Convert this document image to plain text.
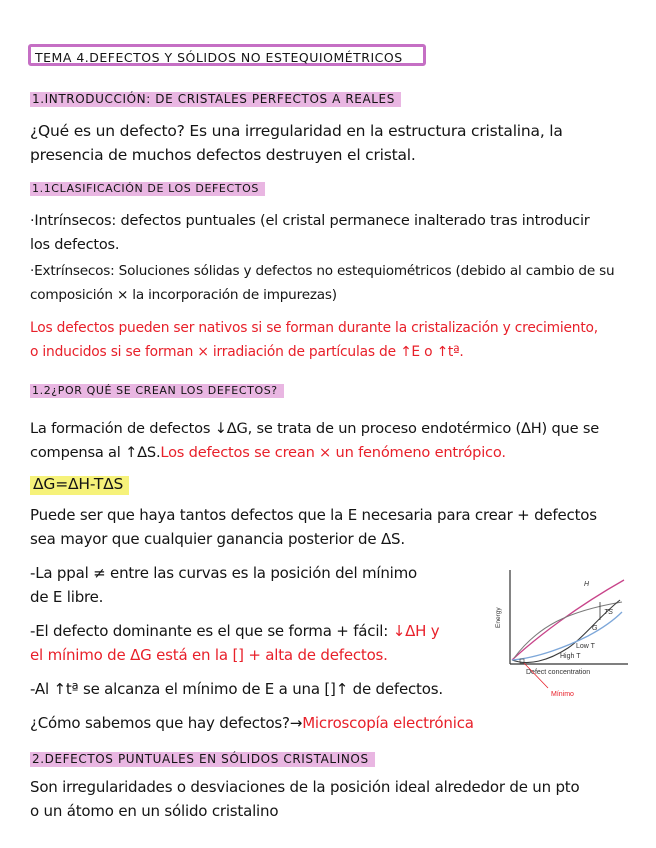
TEMA 4.DEFECTOS Y SÓLIDOS NO ESTEQUIOMÉTRICOS
1.INTRODUCCIÓN: DE CRISTALES PERFECTOS A REALES
¿Qué es un defecto? Es una irregularidad en la estructura cristalina, la
presencia de muchos defectos destruyen el cristal.
1.1CLASIFICACIÓN DE LOS DEFECTOS
·Intrínsecos: defectos puntuales (el cristal permanece inalterado tras introducir
los defectos.
·Extrínsecos: Soluciones sólidas y defectos no estequiométricos (debido al cambio de su
composición × la incorporación de impurezas)
Los defectos pueden ser nativos si se forman durante la cristalización y crecimiento,
o inducidos si se forman × irradiación de partículas de ↑E o ↑tª.
1.2¿POR QUÉ SE CREAN LOS DEFECTOS?
La formación de defectos ↓ΔG, se trata de un proceso endotérmico (ΔH) que se
compensa al ↑ΔS.Los defectos se crean × un fenómeno entrópico.
ΔG=ΔH-TΔS
Puede ser que haya tantos defectos que la E necesaria para crear + defectos
sea mayor que cualquier ganancia posterior de ΔS.
-La ppal ≠ entre las curvas es la posición del mínimo
de E libre.
-El defecto dominante es el que se forma + fácil: ↓ΔH y
el mínimo de ΔG está en la [] + alta de defectos.
-Al ↑tª se alcanza el mínimo de E a una []↑ de defectos.
¿Cómo sabemos que hay defectos?→Microscopía electrónica
2.DEFECTOS PUNTUALES EN SÓLIDOS CRISTALINOS
Son irregularidades o desviaciones de la posición ideal alrededor de un pto
o un átomo en un sólido cristalino
Energy
Defect concentration
H
TS
G
Low T
High T
Mínimo
